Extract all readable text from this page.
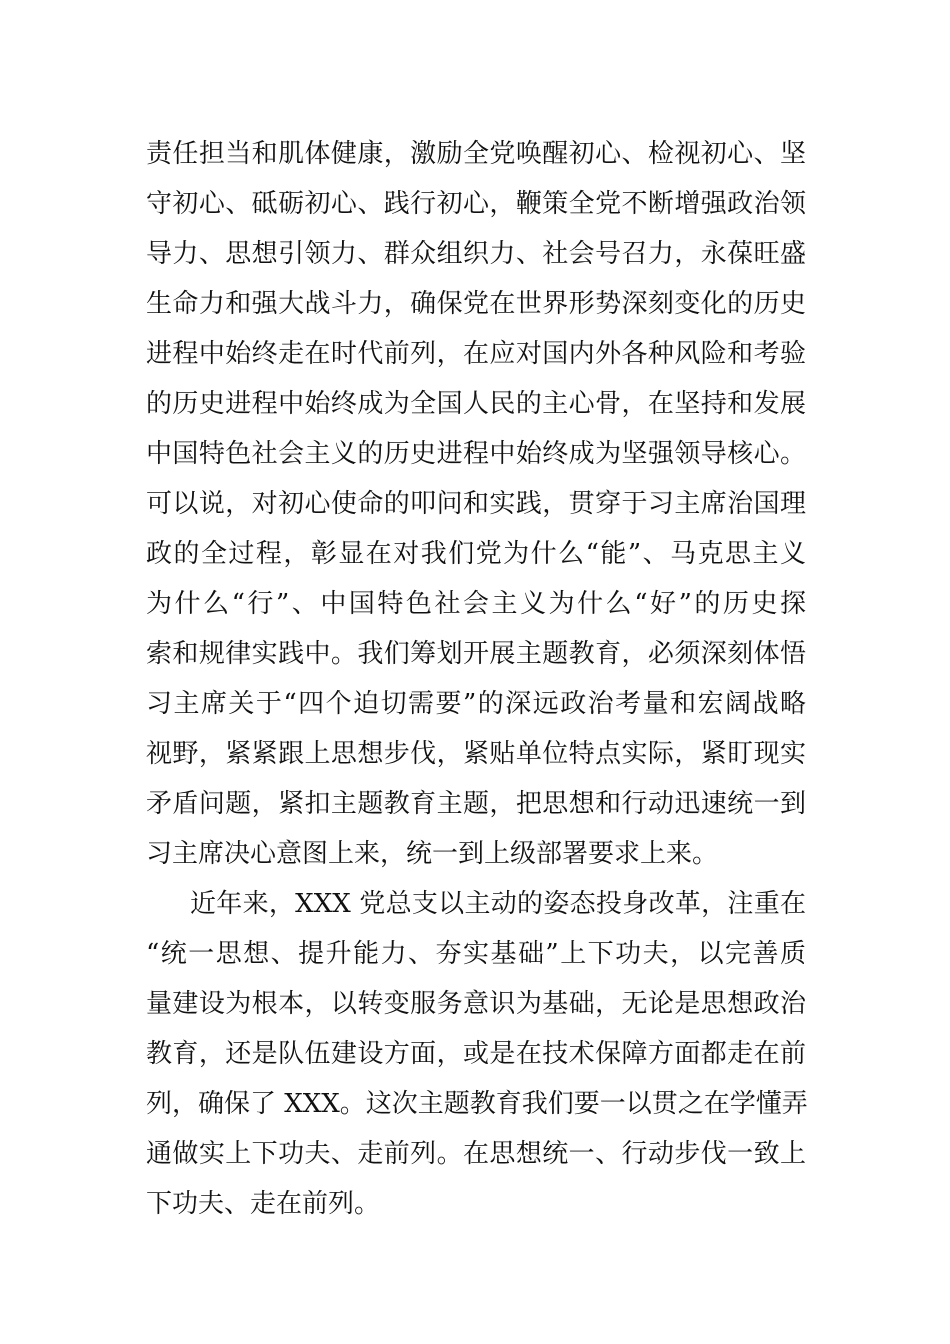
责任担当和肌体健康，激励全党唤醒初心、检视初心、坚
守初心、砥砺初心、践行初心，鞭策全党不断增强政治领
导力、思想引领力、群众组织力、社会号召力，永葆旺盛
生命力和强大战斗力，确保党在世界形势深刻变化的历史
进程中始终走在时代前列，在应对国内外各种风险和考验
的历史进程中始终成为全国人民的主心骨，在坚持和发展
中国特色社会主义的历史进程中始终成为坚强领导核心。
可以说，对初心使命的叩问和实践，贯穿于习主席治国理
政的全过程，彰显在对我们党为什么“能”、马克思主义
为什么“行”、中国特色社会主义为什么“好”的历史探
索和规律实践中。我们筹划开展主题教育，必须深刻体悟
习主席关于“四个迫切需要”的深远政治考量和宏阔战略
视野，紧紧跟上思想步伐，紧贴单位特点实际，紧盯现实
矛盾问题，紧扣主题教育主题，把思想和行动迅速统一到
习主席决心意图上来，统一到上级部署要求上来。
近年来，XXX 党总支以主动的姿态投身改革，注重在
“统一思想、提升能力、夯实基础”上下功夫，以完善质
量建设为根本，以转变服务意识为基础，无论是思想政治
教育，还是队伍建设方面，或是在技术保障方面都走在前
列，确保了 XXX。这次主题教育我们要一以贯之在学懂弄
通做实上下功夫、走前列。在思想统一、行动步伐一致上
下功夫、走在前列。
